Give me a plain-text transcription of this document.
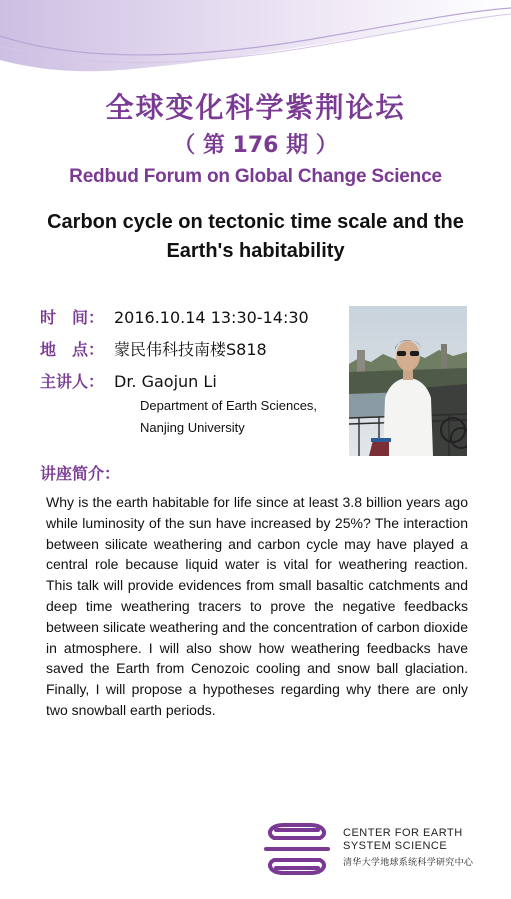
全球变化科学紫荆论坛
（ 第 176 期 ）
Redbud Forum on Global Change Science
Carbon cycle on tectonic time scale and the Earth's habitability
时　间： 2016.10.14 13:30-14:30
地　点： 蒙民伟科技南楼S818
主讲人： Dr. Gaojun Li
Department of Earth Sciences,
Nanjing University
讲座简介：
Why is the earth habitable for life since at least 3.8 billion years ago while luminosity of the sun have increased by 25%? The interaction between silicate weathering and carbon cycle may have played a central role because liquid water is vital for weathering reaction. This talk will provide evidences from small basaltic catchments and deep time weathering tracers to prove the negative feedbacks between silicate weathering and the concentration of carbon dioxide in atmosphere. I will also show how weathering feedbacks have saved the Earth from Cenozoic cooling and snow ball glaciation. Finally, I will propose a hypotheses regarding why there are only two snowball earth periods.
CENTER FOR EARTH
SYSTEM SCIENCE
清华大学地球系统科学研究中心
